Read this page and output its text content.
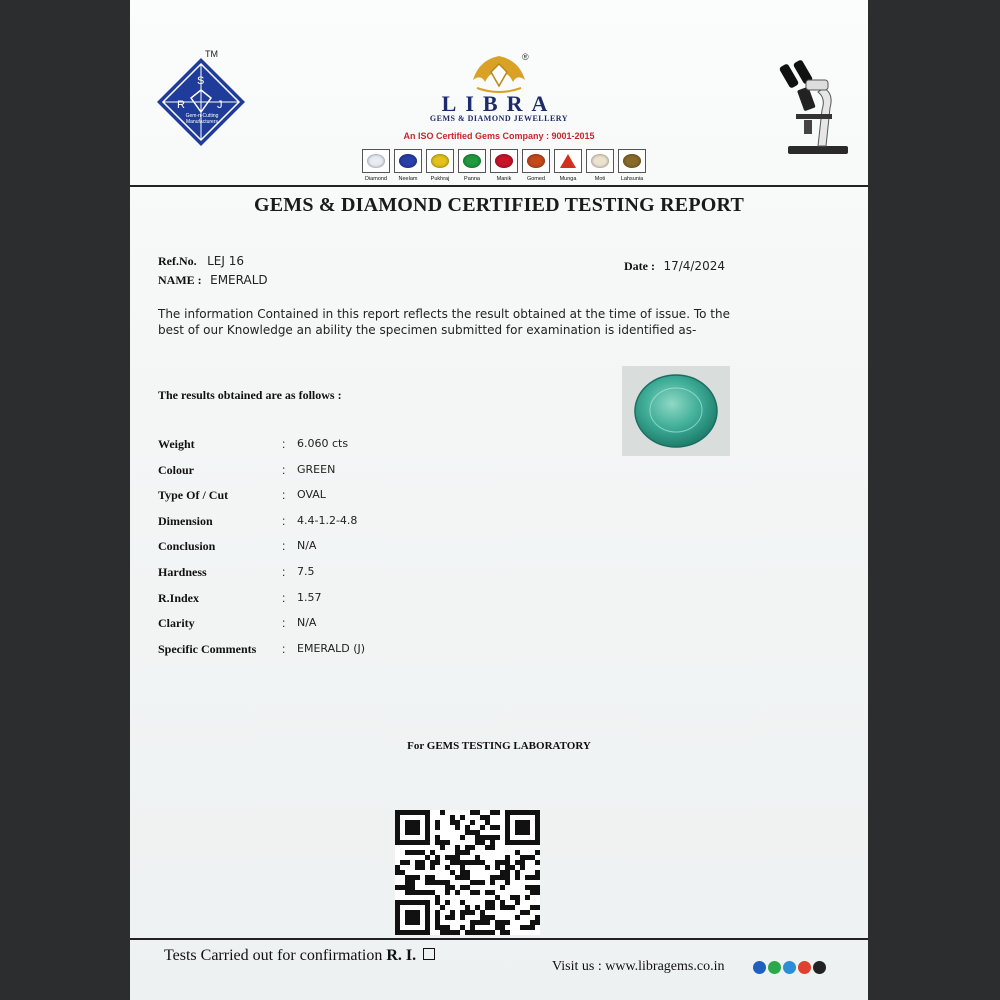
S
R	J
Gem-n-Cutting Manufacturers
TM	®
LIBRA
GEMS & DIAMOND JEWELLERY
An ISO Certified Gems Company : 9001-2015
Diamond	Neelam	Pukhraj	Panna	Manik	Gomed	Munga	Moti	Lahsunia
GEMS & DIAMOND CERTIFIED TESTING REPORT
Ref.No. LEJ 16
NAME : EMERALD
Date : 17/4/2024
The information Contained in this report reflects the result obtained at the time of issue. To the best of our Knowledge an ability the specimen submitted for examination is identified as-
The results obtained are as follows :
Weight	: 6.060 cts
Colour	: GREEN
Type Of / Cut	: OVAL
Dimension	: 4.4-1.2-4.8
Conclusion	: N/A
Hardness	: 7.5
R.Index	: 1.57
Clarity	: N/A
Specific Comments : EMERALD (J)
For GEMS TESTING LABORATORY
Tests Carried out for confirmation R. I.
Visit us : www.libragems.co.in
